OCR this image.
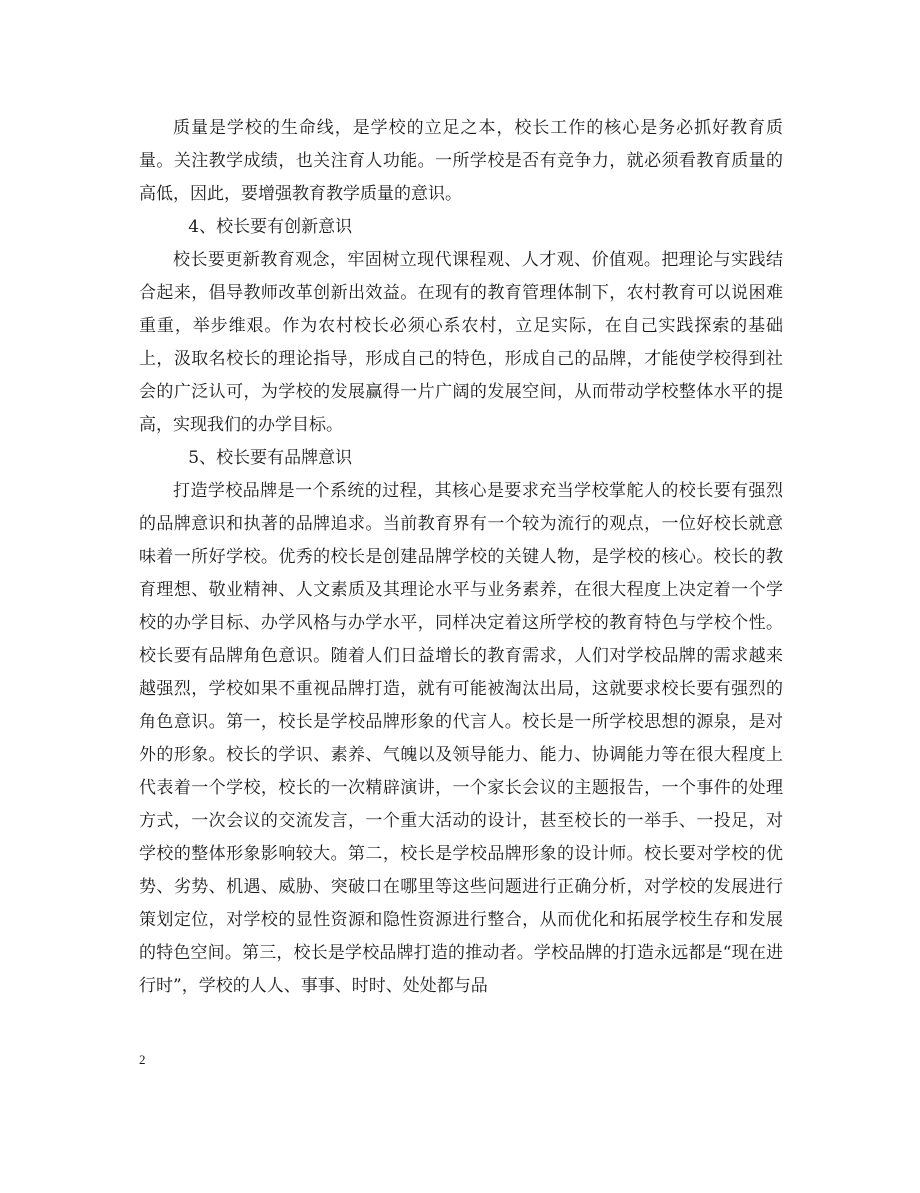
质量是学校的生命线，是学校的立足之本，校长工作的核心是务必抓好教育质量。关注教学成绩，也关注育人功能。一所学校是否有竞争力，就必须看教育质量的高低，因此，要增强教育教学质量的意识。

4、校长要有创新意识

校长要更新教育观念，牢固树立现代课程观、人才观、价值观。把理论与实践结合起来，倡导教师改革创新出效益。在现有的教育管理体制下，农村教育可以说困难重重，举步维艰。作为农村校长必须心系农村，立足实际，在自己实践探索的基础上，汲取名校长的理论指导，形成自己的特色，形成自己的品牌，才能使学校得到社会的广泛认可，为学校的发展赢得一片广阔的发展空间，从而带动学校整体水平的提高，实现我们的办学目标。

5、校长要有品牌意识

打造学校品牌是一个系统的过程，其核心是要求充当学校掌舵人的校长要有强烈的品牌意识和执著的品牌追求。当前教育界有一个较为流行的观点，一位好校长就意味着一所好学校。优秀的校长是创建品牌学校的关键人物，是学校的核心。校长的教育理想、敬业精神、人文素质及其理论水平与业务素养，在很大程度上决定着一个学校的办学目标、办学风格与办学水平，同样决定着这所学校的教育特色与学校个性。校长要有品牌角色意识。随着人们日益增长的教育需求，人们对学校品牌的需求越来越强烈，学校如果不重视品牌打造，就有可能被淘汰出局，这就要求校长要有强烈的角色意识。第一，校长是学校品牌形象的代言人。校长是一所学校思想的源泉，是对外的形象。校长的学识、素养、气魄以及领导能力、能力、协调能力等在很大程度上代表着一个学校，校长的一次精辟演讲，一个家长会议的主题报告，一个事件的处理方式，一次会议的交流发言，一个重大活动的设计，甚至校长的一举手、一投足，对学校的整体形象影响较大。第二，校长是学校品牌形象的设计师。校长要对学校的优势、劣势、机遇、威胁、突破口在哪里等这些问题进行正确分析，对学校的发展进行策划定位，对学校的显性资源和隐性资源进行整合，从而优化和拓展学校生存和发展的特色空间。第三，校长是学校品牌打造的推动者。学校品牌的打造永远都是“现在进行时”，学校的人人、事事、时时、处处都与品

2
